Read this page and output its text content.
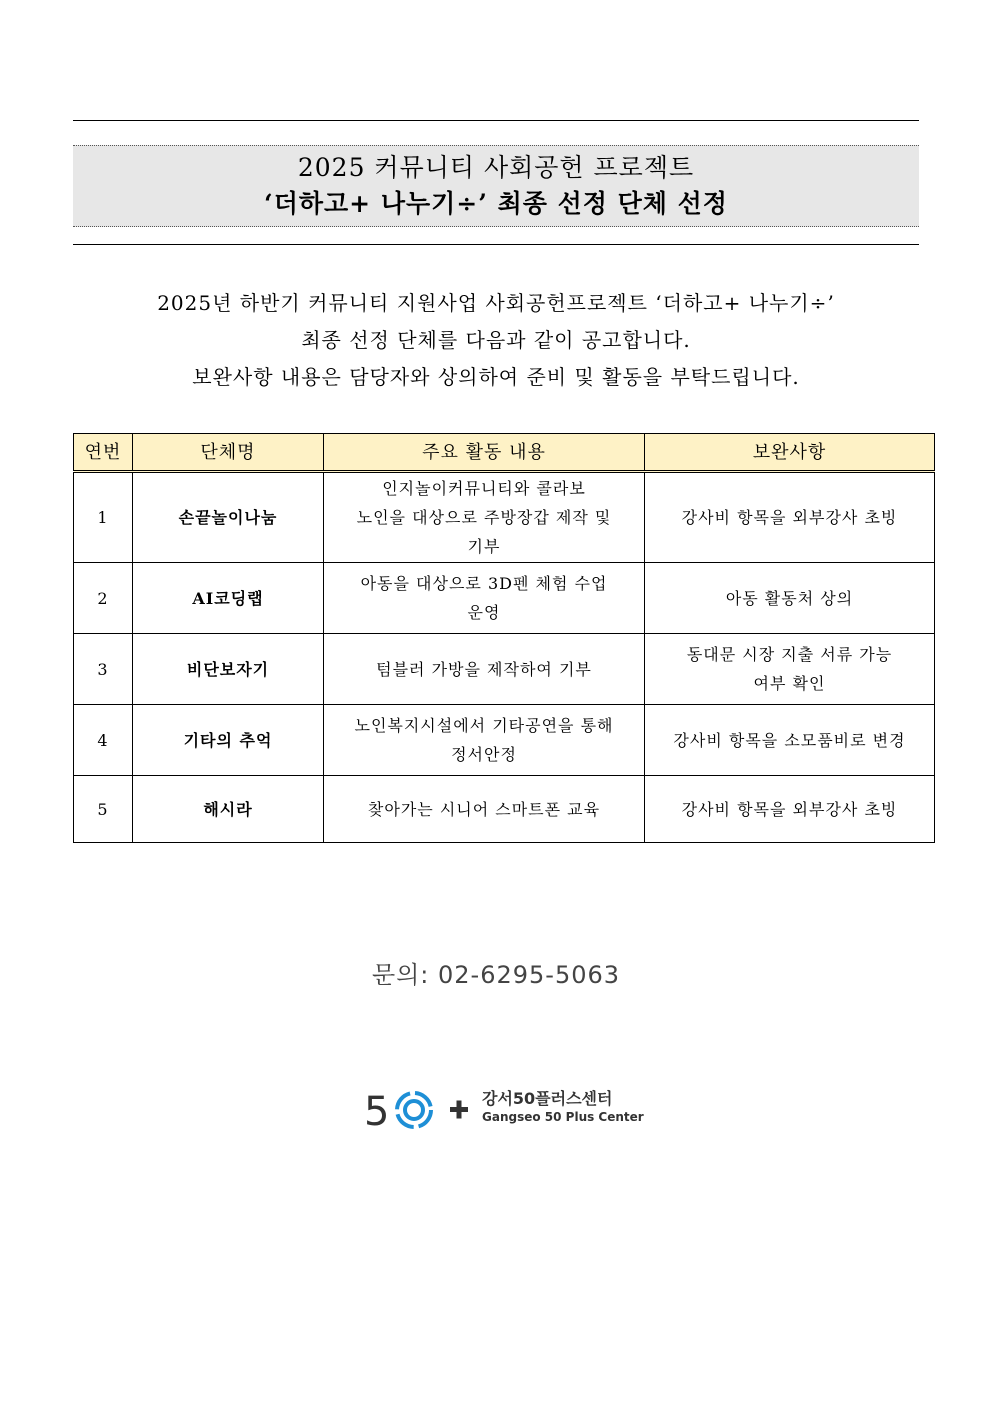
2025 커뮤니티 사회공헌 프로젝트
‘더하고+ 나누기÷’ 최종 선정 단체 선정
2025년 하반기 커뮤니티 지원사업 사회공헌프로젝트 ‘더하고+ 나누기÷’
최종 선정 단체를 다음과 같이 공고합니다.
보완사항 내용은 담당자와 상의하여 준비 및 활동을 부탁드립니다.
연번	단체명	주요 활동 내용	보완사항
1	손끝놀이나눔	인지놀이커뮤니티와 콜라보
노인을 대상으로 주방장갑 제작 및
기부	강사비 항목을 외부강사 초빙

2	AI코딩랩	아동을 대상으로 3D펜 체험 수업
운영	아동 활동처 상의

3	비단보자기	텀블러 가방을 제작하여 기부	동대문 시장 지출 서류 가능
여부 확인

4	기타의 추억	노인복지시설에서 기타공연을 통해
정서안정	강사비 항목을 소모품비로 변경

5	해시라	찾아가는 시니어 스마트폰 교육	강사비 항목을 외부강사 초빙
문의: 02-6295-5063
5	강서50플러스센터
Gangseo 50 Plus Center
